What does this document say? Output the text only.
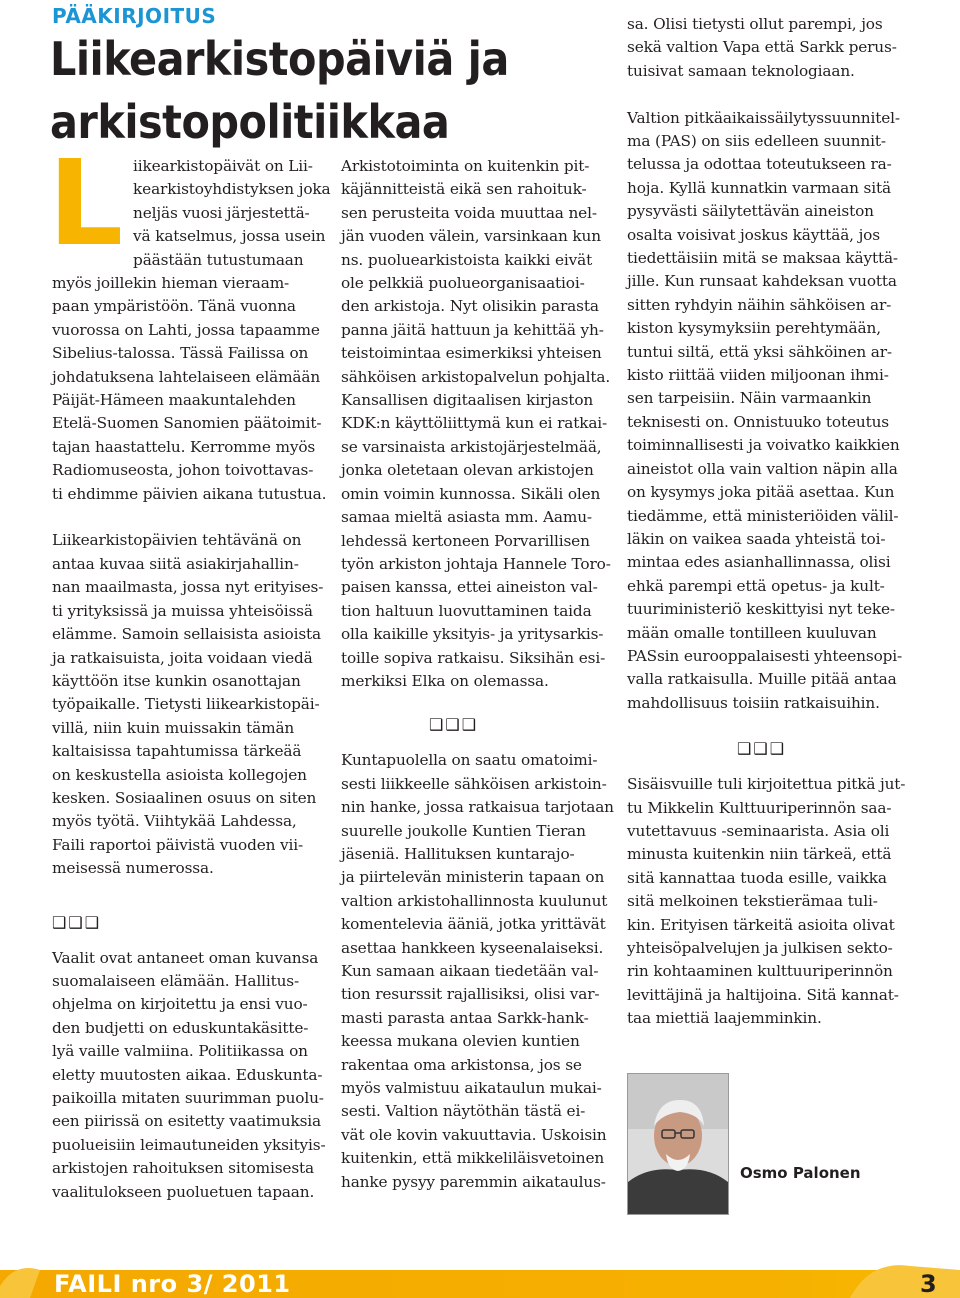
PÄÄKIRJOITUS
Liikearkistopäiviä ja
arkistopolitiikkaa
L iikearkistopäivät on Lii-

kearkistoyhdistyksen joka

neljäs vuosi järjestettä-

vä katselmus, jossa usein

päästään tutustumaan

myös joillekin hieman vieraam-

paan ympäristöön. Tänä vuonna

vuorossa on Lahti, jossa tapaamme

Sibelius-talossa. Tässä Failissa on

johdatuksena lahtelaiseen elämään

Päijät-Hämeen maakuntalehden

Etelä-Suomen Sanomien päätoimit-

tajan haastattelu. Kerromme myös

Radiomuseosta, johon toivottavas-

ti ehdimme päivien aikana tutustua.

Liikearkistopäivien tehtävänä on

antaa kuvaa siitä asiakirjahallin-

nan maailmasta, jossa nyt erityises-

ti yrityksissä ja muissa yhteisöissä

elämme. Samoin sellaisista asioista

ja ratkaisuista, joita voidaan viedä

käyttöön itse kunkin osanottajan

työpaikalle. Tietysti liikearkistopäi-

villä, niin kuin muissakin tämän

kaltaisissa tapahtumissa tärkeää

on keskustella asioista kollegojen

kesken. Sosiaalinen osuus on siten

myös työtä. Viihtykää Lahdessa,

Faili raportoi päivistä vuoden vii-

meisessä numerossa.

❑❑❑

Vaalit ovat antaneet oman kuvansa

suomalaiseen elämään. Hallitus-

ohjelma on kirjoitettu ja ensi vuo-

den budjetti on eduskuntakäsitte-

lyä vaille valmiina. Politiikassa on

eletty muutosten aikaa. Eduskunta-

paikoilla mitaten suurimman puolu-

een piirissä on esitetty vaatimuksia

puolueisiin leimautuneiden yksityis-

arkistojen rahoituksen sitomisesta

vaalitulokseen puoluetuen tapaan.

Arkistotoiminta on kuitenkin pit-

käjännitteistä eikä sen rahoituk-

sen perusteita voida muuttaa nel-

jän vuoden välein, varsinkaan kun

ns. puoluearkistoista kaikki eivät

ole pelkkiä puolueorganisaatioi-

den arkistoja. Nyt olisikin parasta

panna jäitä hattuun ja kehittää yh-

teistoimintaa esimerkiksi yhteisen

sähköisen arkistopalvelun pohjalta.

Kansallisen digitaalisen kirjaston

KDK:n käyttöliittymä kun ei ratkai-

se varsinaista arkistojärjestelmää,

jonka oletetaan olevan arkistojen

omin voimin kunnossa. Sikäli olen

samaa mieltä asiasta mm. Aamu-

lehdessä kertoneen Porvarillisen

työn arkiston johtaja Hannele Toro-

paisen kanssa, ettei aineiston val-

tion haltuun luovuttaminen taida

olla kaikille yksityis- ja yritysarkis-

toille sopiva ratkaisu. Siksihän esi-

merkiksi Elka on olemassa.

❑❑❑

Kuntapuolella on saatu omatoimi-

sesti liikkeelle sähköisen arkistoin-

nin hanke, jossa ratkaisua tarjotaan

suurelle joukolle Kuntien Tieran

jäseniä. Hallituksen kuntarajo-

ja piirtelevän ministerin tapaan on

valtion arkistohallinnosta kuulunut

komentelevia ääniä, jotka yrittävät

asettaa hankkeen kyseenalaiseksi.

Kun samaan aikaan tiedetään val-

tion resurssit rajallisiksi, olisi var-

masti parasta antaa Sarkk-hank-

keessa mukana olevien kuntien

rakentaa oma arkistonsa, jos se

myös valmistuu aikataulun mukai-

sesti. Valtion näytöthän tästä ei-

vät ole kovin vakuuttavia. Uskoisin

kuitenkin, että mikkeliläisvetoinen

hanke pysyy paremmin aikataulus-

sa. Olisi tietysti ollut parempi, jos

sekä valtion Vapa että Sarkk perus-

tuisivat samaan teknologiaan.

Valtion pitkäaikaissäilytyssuunnitel-

ma (PAS) on siis edelleen suunnit-

telussa ja odottaa toteutukseen ra-

hoja. Kyllä kunnatkin varmaan sitä

pysyvästi säilytettävän aineiston

osalta voisivat joskus käyttää, jos

tiedettäisiin mitä se maksaa käyttä-

jille. Kun runsaat kahdeksan vuotta

sitten ryhdyin näihin sähköisen ar-

kiston kysymyksiin perehtymään,

tuntui siltä, että yksi sähköinen ar-

kisto riittää viiden miljoonan ihmi-

sen tarpeisiin. Näin varmaankin

teknisesti on. Onnistuuko toteutus

toiminnallisesti ja voivatko kaikkien

aineistot olla vain valtion näpin alla

on kysymys joka pitää asettaa. Kun

tiedämme, että ministeriöiden välil-

läkin on vaikea saada yhteistä toi-

mintaa edes asianhallinnassa, olisi

ehkä parempi että opetus- ja kult-

tuuriministeriö keskittyisi nyt teke-

mään omalle tontilleen kuuluvan

PASsin eurooppalaisesti yhteensopi-

valla ratkaisulla. Muille pitää antaa

mahdollisuus toisiin ratkaisuihin.

❑❑❑

Sisäisvuille tuli kirjoitettua pitkä jut-

tu Mikkelin Kulttuuriperinnön saa-

vutettavuus -seminaarista. Asia oli

minusta kuitenkin niin tärkeä, että

sitä kannattaa tuoda esille, vaikka

sitä melkoinen tekstierämaa tuli-

kin. Erityisen tärkeitä asioita olivat

yhteisöpalvelujen ja julkisen sekto-

rin kohtaaminen kulttuuriperinnön

levittäjinä ja haltijoina. Sitä kannat-

taa miettiä laajemminkin.

Osmo Palonen
FAILI nro 3/ 2011	3
